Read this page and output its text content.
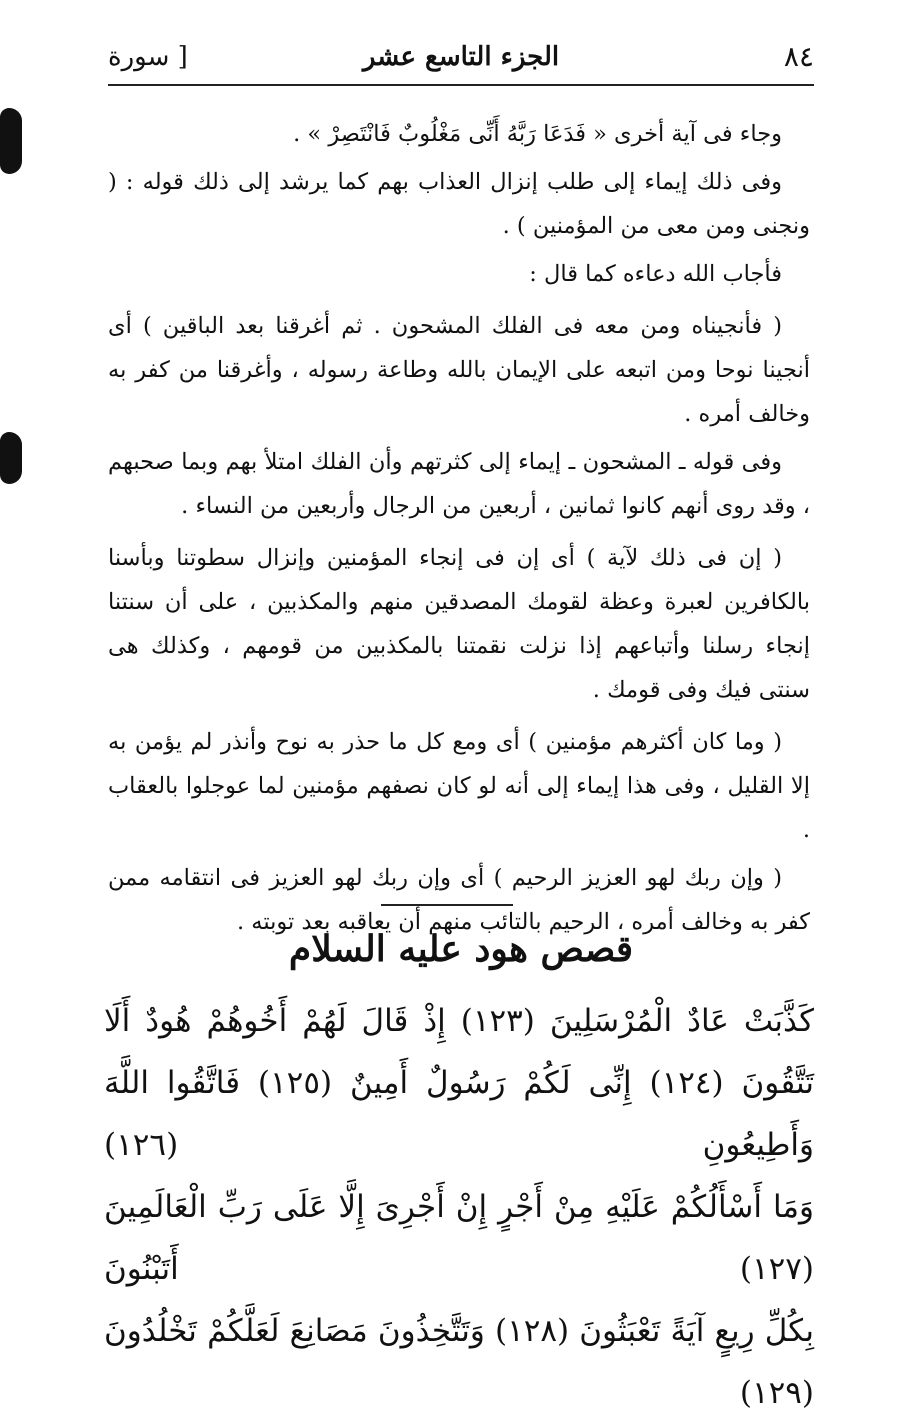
٨٤
الجزء التاسع عشر
[ سورة

وجاء فى آية أخرى « فَدَعَا رَبَّهُ أَنِّى مَغْلُوبٌ فَانْتَصِرْ » .

وفى ذلك إيماء إلى طلب إنزال العذاب بهم كما يرشد إلى ذلك قوله : ( ونجنى ومن معى من المؤمنين ) .

فأجاب الله دعاءه كما قال :

( فأنجيناه ومن معه فى الفلك المشحون . ثم أغرقنا بعد الباقين ) أى أنجينا نوحا ومن اتبعه على الإيمان بالله وطاعة رسوله ، وأغرقنا من كفر به وخالف أمره .

وفى قوله ـ المشحون ـ إيماء إلى كثرتهم وأن الفلك امتلأ بهم وبما صحبهم ، وقد روى أنهم كانوا ثمانين ، أربعين من الرجال وأربعين من النساء .

( إن فى ذلك لآية ) أى إن فى إنجاء المؤمنين وإنزال سطوتنا وبأسنا بالكافرين لعبرة وعظة لقومك المصدقين منهم والمكذبين ، على أن سنتنا إنجاء رسلنا وأتباعهم إذا نزلت نقمتنا بالمكذبين من قومهم ، وكذلك هى سنتى فيك وفى قومك .

( وما كان أكثرهم مؤمنين ) أى ومع كل ما حذر به نوح وأنذر لم يؤمن به إلا القليل ، وفى هذا إيماء إلى أنه لو كان نصفهم مؤمنين لما عوجلوا بالعقاب .

( وإن ربك لهو العزيز الرحيم ) أى وإن ربك لهو العزيز فى انتقامه ممن كفر به وخالف أمره ، الرحيم بالتائب منهم أن يعاقبه بعد توبته .

قصص هود عليه السلام

كَذَّبَتْ عَادٌ الْمُرْسَلِينَ (١٢٣) إِذْ قَالَ لَهُمْ أَخُوهُمْ هُودٌ أَلَا

تَتَّقُونَ (١٢٤) إِنِّى لَكُمْ رَسُولٌ أَمِينٌ (١٢٥) فَاتَّقُوا اللَّهَ وَأَطِيعُونِ (١٢٦)

وَمَا أَسْأَلُكُمْ عَلَيْهِ مِنْ أَجْرٍ إِنْ أَجْرِىَ إِلَّا عَلَى رَبِّ الْعَالَمِينَ (١٢٧) أَتَبْنُونَ

بِكُلِّ رِيعٍ آيَةً تَعْبَثُونَ (١٢٨) وَتَتَّخِذُونَ مَصَانِعَ لَعَلَّكُمْ تَخْلُدُونَ (١٢٩)
